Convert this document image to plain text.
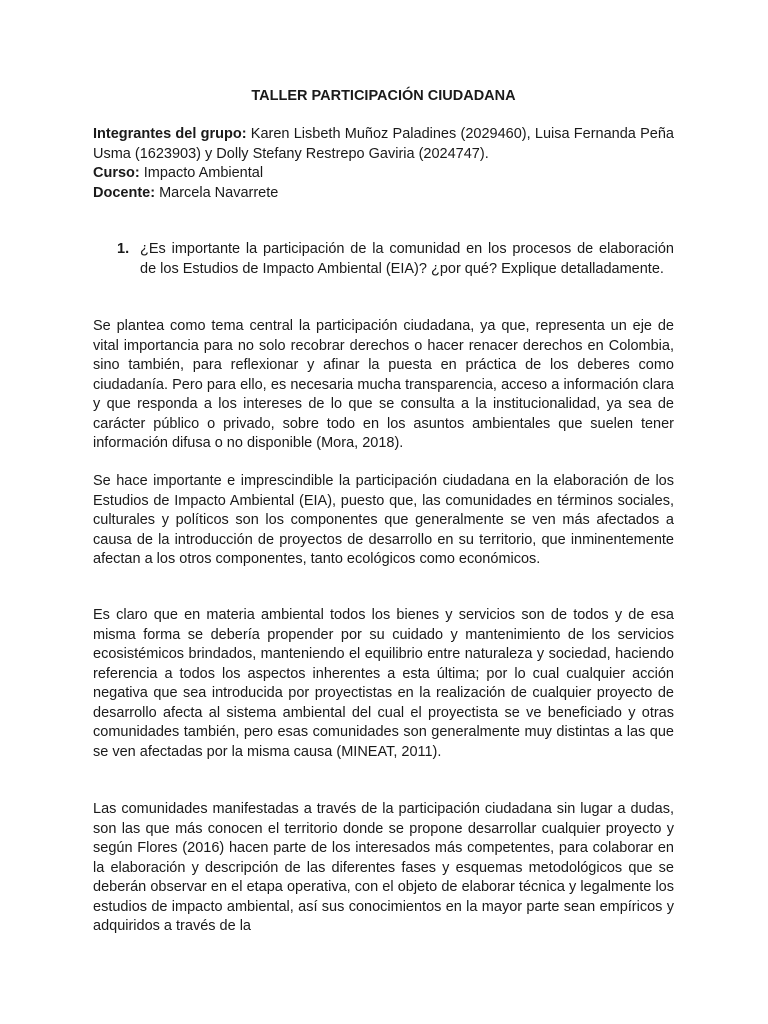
TALLER PARTICIPACIÓN CIUDADANA

Integrantes del grupo: Karen Lisbeth Muñoz Paladines (2029460), Luisa Fernanda Peña Usma (1623903) y Dolly Stefany Restrepo Gaviria (2024747).

Curso: Impacto Ambiental

Docente: Marcela Navarrete

1. ¿Es importante la participación de la comunidad en los procesos de elaboración de los Estudios de Impacto Ambiental (EIA)? ¿por qué? Explique detalladamente.

Se plantea como tema central la participación ciudadana, ya que, representa un eje de vital importancia para no solo recobrar derechos o hacer renacer derechos en Colombia, sino también, para reflexionar y afinar la puesta en práctica de los deberes como ciudadanía. Pero para ello, es necesaria mucha transparencia, acceso a información clara y que responda a los intereses de lo que se consulta a la institucionalidad, ya sea de carácter público o privado, sobre todo en los asuntos ambientales que suelen tener información difusa o no disponible (Mora, 2018).

Se hace importante e imprescindible la participación ciudadana en la elaboración de los Estudios de Impacto Ambiental (EIA), puesto que, las comunidades en términos sociales, culturales y políticos son los componentes que generalmente se ven más afectados a causa de la introducción de proyectos de desarrollo en su territorio, que inminentemente afectan a los otros componentes, tanto ecológicos como económicos.

Es claro que en materia ambiental todos los bienes y servicios son de todos y de esa misma forma se debería propender por su cuidado y mantenimiento de los servicios ecosistémicos brindados, manteniendo el equilibrio entre naturaleza y sociedad, haciendo referencia a todos los aspectos inherentes a esta última; por lo cual cualquier acción negativa que sea introducida por proyectistas en la realización de cualquier proyecto de desarrollo afecta al sistema ambiental del cual el proyectista se ve beneficiado y otras comunidades también, pero esas comunidades son generalmente muy distintas a las que se ven afectadas por la misma causa (MINEAT, 2011).

Las comunidades manifestadas a través de la participación ciudadana sin lugar a dudas, son las que más conocen el territorio donde se propone desarrollar cualquier proyecto y según Flores (2016) hacen parte de los interesados más competentes, para colaborar en la elaboración y descripción de las diferentes fases y esquemas metodológicos que se deberán observar en el etapa operativa, con el objeto de elaborar técnica y legalmente los estudios de impacto ambiental, así sus conocimientos en la mayor parte sean empíricos y adquiridos a través de la
